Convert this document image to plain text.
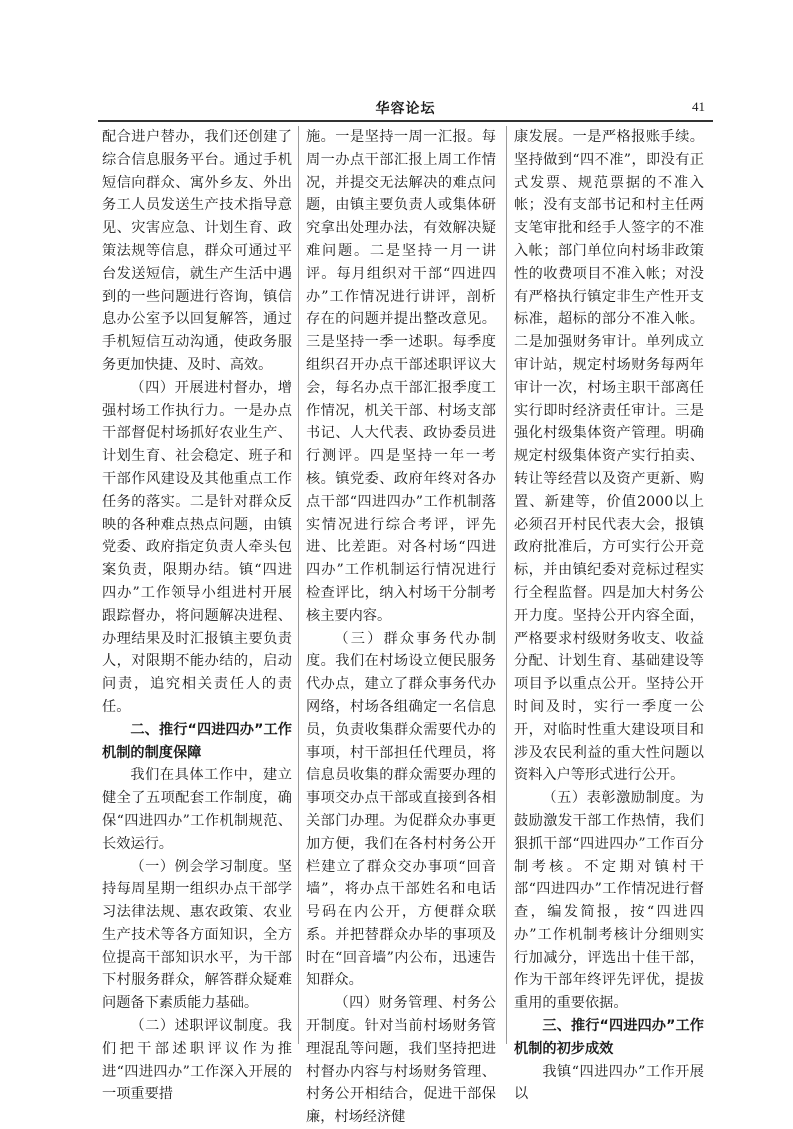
华容论坛	41

配合进户替办，我们还创建了综合信息服务平台。通过手机短信向群众、寓外乡友、外出务工人员发送生产技术指导意见、灾害应急、计划生育、政策法规等信息，群众可通过平台发送短信，就生产生活中遇到的一些问题进行咨询，镇信息办公室予以回复解答，通过手机短信互动沟通，使政务服务更加快捷、及时、高效。

（四）开展进村督办，增强村场工作执行力。一是办点干部督促村场抓好农业生产、计划生育、社会稳定、班子和干部作风建设及其他重点工作任务的落实。二是针对群众反映的各种难点热点问题，由镇党委、政府指定负责人牵头包案负责，限期办结。镇“四进四办”工作领导小组进村开展跟踪督办，将问题解决进程、办理结果及时汇报镇主要负责人，对限期不能办结的，启动问责，追究相关责任人的责任。

二、推行“四进四办”工作机制的制度保障

我们在具体工作中，建立健全了五项配套工作制度，确保“四进四办”工作机制规范、长效运行。

（一）例会学习制度。坚持每周星期一组织办点干部学习法律法规、惠农政策、农业生产技术等各方面知识，全方位提高干部知识水平，为干部下村服务群众，解答群众疑难问题备下素质能力基础。

（二）述职评议制度。我们把干部述职评议作为推进“四进四办”工作深入开展的一项重要措

施。一是坚持一周一汇报。每周一办点干部汇报上周工作情况，并提交无法解决的难点问题，由镇主要负责人或集体研究拿出处理办法，有效解决疑难问题。二是坚持一月一讲评。每月组织对干部“四进四办”工作情况进行讲评，剖析存在的问题并提出整改意见。三是坚持一季一述职。每季度组织召开办点干部述职评议大会，每名办点干部汇报季度工作情况，机关干部、村场支部书记、人大代表、政协委员进行测评。四是坚持一年一考核。镇党委、政府年终对各办点干部“四进四办”工作机制落实情况进行综合考评，评先进、比差距。对各村场“四进四办”工作机制运行情况进行检查评比，纳入村场干分制考核主要内容。

（三）群众事务代办制度。我们在村场设立便民服务代办点，建立了群众事务代办网络，村场各组确定一名信息员，负责收集群众需要代办的事项，村干部担任代理员，将信息员收集的群众需要办理的事项交办点干部或直接到各相关部门办理。为促群众办事更加方便，我们在各村村务公开栏建立了群众交办事项“回音墙”，将办点干部姓名和电话号码在内公开，方便群众联系。并把替群众办毕的事项及时在“回音墙”内公布，迅速告知群众。

（四）财务管理、村务公开制度。针对当前村场财务管理混乱等问题，我们坚持把进村督办内容与村场财务管理、村务公开相结合，促进干部保廉，村场经济健

康发展。一是严格报账手续。坚持做到“四不准”，即没有正式发票、规范票据的不准入帐；没有支部书记和村主任两支笔审批和经手人签字的不准入帐；部门单位向村场非政策性的收费项目不准入帐；对没有严格执行镇定非生产性开支标准，超标的部分不准入帐。二是加强财务审计。单列成立审计站，规定村场财务每两年审计一次，村场主职干部离任实行即时经济责任审计。三是强化村级集体资产管理。明确规定村级集体资产实行拍卖、转让等经营以及资产更新、购置、新建等，价值2000以上必须召开村民代表大会，报镇政府批准后，方可实行公开竞标，并由镇纪委对竞标过程实行全程监督。四是加大村务公开力度。坚持公开内容全面，严格要求村级财务收支、收益分配、计划生育、基础建设等项目予以重点公开。坚持公开时间及时，实行一季度一公开，对临时性重大建设项目和涉及农民利益的重大性问题以资料入户等形式进行公开。

（五）表彰激励制度。为鼓励激发干部工作热情，我们狠抓干部“四进四办”工作百分制考核。不定期对镇村干部“四进四办”工作情况进行督查，编发简报，按“四进四办”工作机制考核计分细则实行加减分，评选出十佳干部，作为干部年终评先评优，提拔重用的重要依据。

三、推行“四进四办”工作机制的初步成效

我镇“四进四办”工作开展以
